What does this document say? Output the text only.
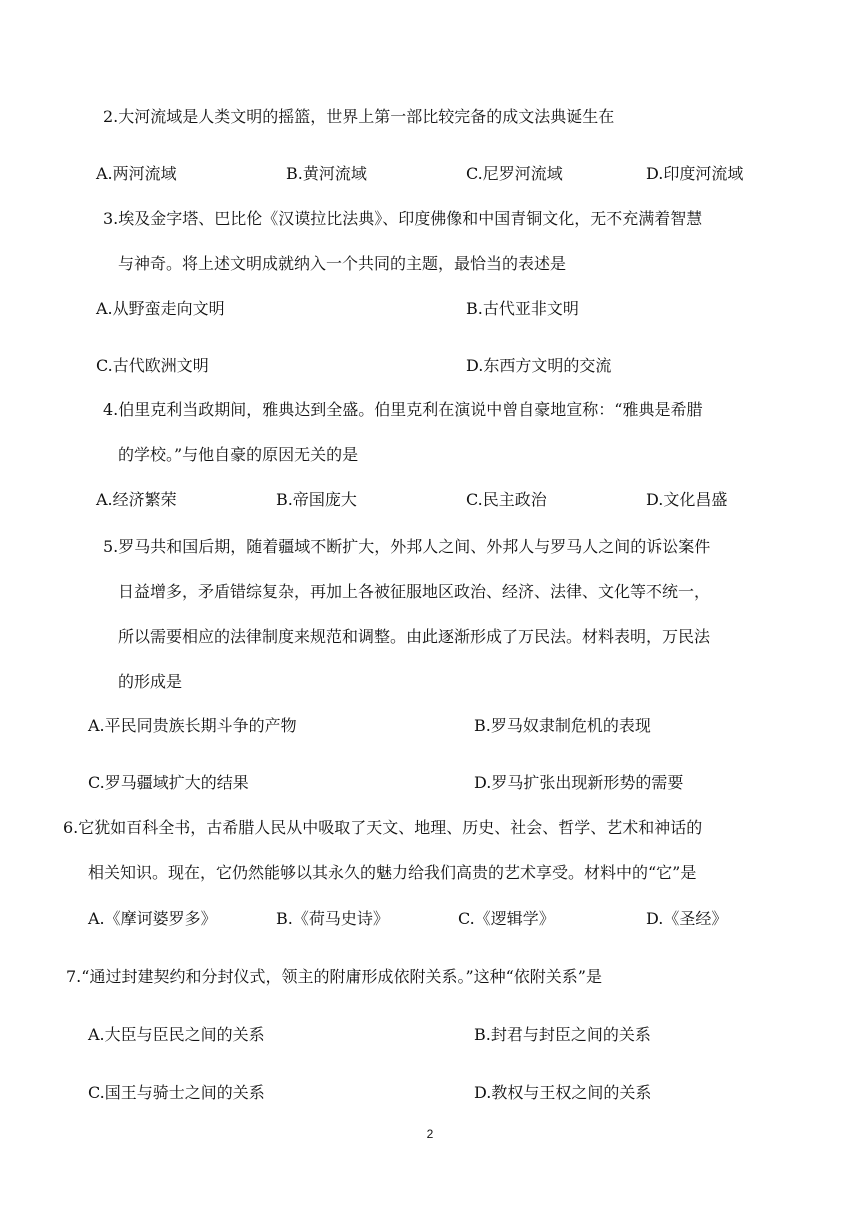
2.大河流域是人类文明的摇篮，世界上第一部比较完备的成文法典诞生在
A.两河流域	B.黄河流域	C.尼罗河流域	D.印度河流域
3.埃及金字塔、巴比伦《汉谟拉比法典》、印度佛像和中国青铜文化，无不充满着智慧
与神奇。将上述文明成就纳入一个共同的主题，最恰当的表述是
A.从野蛮走向文明	B.古代亚非文明
C.古代欧洲文明	D.东西方文明的交流
4.伯里克利当政期间，雅典达到全盛。伯里克利在演说中曾自豪地宣称：“雅典是希腊
的学校。”与他自豪的原因无关的是
A.经济繁荣	B.帝国庞大	C.民主政治	D.文化昌盛
5.罗马共和国后期，随着疆域不断扩大，外邦人之间、外邦人与罗马人之间的诉讼案件
日益增多，矛盾错综复杂，再加上各被征服地区政治、经济、法律、文化等不统一，
所以需要相应的法律制度来规范和调整。由此逐渐形成了万民法。材料表明，万民法
的形成是
A.平民同贵族长期斗争的产物	B.罗马奴隶制危机的表现
C.罗马疆域扩大的结果	D.罗马扩张出现新形势的需要
6.它犹如百科全书，古希腊人民从中吸取了天文、地理、历史、社会、哲学、艺术和神话的
相关知识。现在，它仍然能够以其永久的魅力给我们高贵的艺术享受。材料中的“它”是
A.《摩诃婆罗多》	B.《荷马史诗》	C.《逻辑学》	D.《圣经》
7.“通过封建契约和分封仪式，领主的附庸形成依附关系。”这种“依附关系”是
A.大臣与臣民之间的关系	B.封君与封臣之间的关系
C.国王与骑士之间的关系	D.教权与王权之间的关系
2
